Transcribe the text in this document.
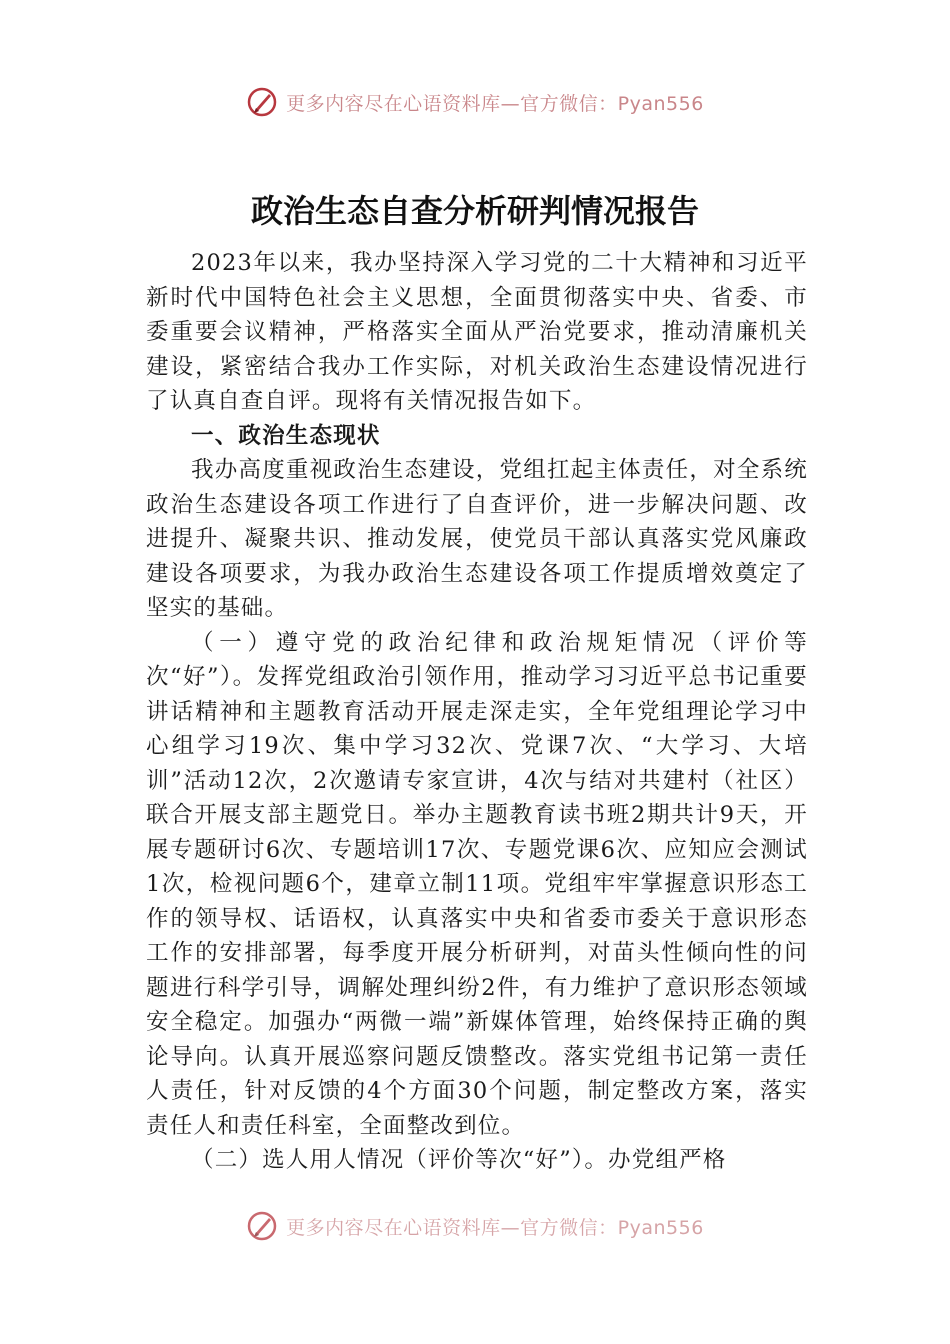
更多内容尽在心语资料库—官方微信：Pyan556
政治生态自查分析研判情况报告

2023年以来，我办坚持深入学习党的二十大精神和习近平新时代中国特色社会主义思想，全面贯彻落实中央、省委、市委重要会议精神，严格落实全面从严治党要求，推动清廉机关建设，紧密结合我办工作实际，对机关政治生态建设情况进行了认真自查自评。现将有关情况报告如下。

一、政治生态现状

我办高度重视政治生态建设，党组扛起主体责任，对全系统政治生态建设各项工作进行了自查评价，进一步解决问题、改进提升、凝聚共识、推动发展，使党员干部认真落实党风廉政建设各项要求，为我办政治生态建设各项工作提质增效奠定了坚实的基础。

（一）遵守党的政治纪律和政治规矩情况（评价等次“好”）。发挥党组政治引领作用，推动学习习近平总书记重要讲话精神和主题教育活动开展走深走实，全年党组理论学习中心组学习19次、集中学习32次、党课7次、“大学习、大培训”活动12次，2次邀请专家宣讲，4次与结对共建村（社区）联合开展支部主题党日。举办主题教育读书班2期共计9天，开展专题研讨6次、专题培训17次、专题党课6次、应知应会测试1次，检视问题6个，建章立制11项。党组牢牢掌握意识形态工作的领导权、话语权，认真落实中央和省委市委关于意识形态工作的安排部署，每季度开展分析研判，对苗头性倾向性的问题进行科学引导，调解处理纠纷2件，有力维护了意识形态领域安全稳定。加强办“两微一端”新媒体管理，始终保持正确的舆论导向。认真开展巡察问题反馈整改。落实党组书记第一责任人责任，针对反馈的4个方面30个问题，制定整改方案，落实责任人和责任科室，全面整改到位。

（二）选人用人情况（评价等次“好”）。办党组严格

更多内容尽在心语资料库—官方微信：Pyan556
